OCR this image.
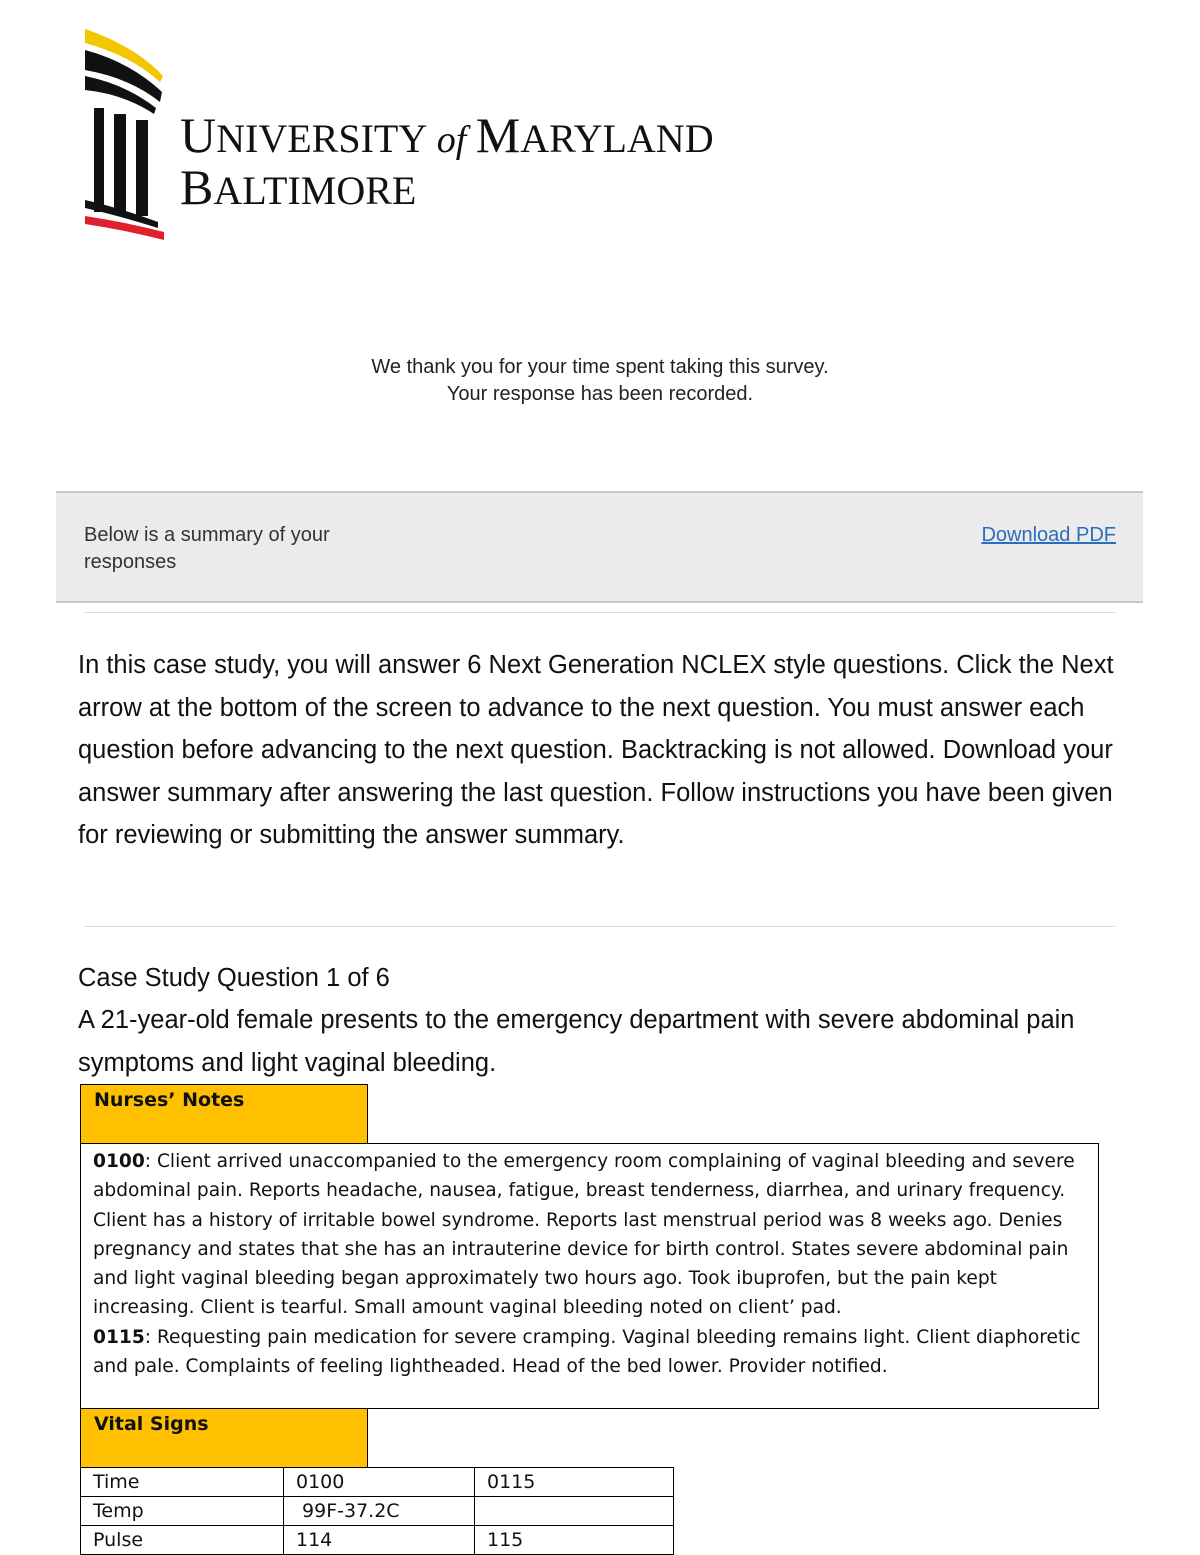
UNIVERSITY of MARYLAND
BALTIMORE
We thank you for your time spent taking this survey.
Your response has been recorded.
Below is a summary of your responses
Download PDF
In this case study, you will answer 6 Next Generation NCLEX style questions. Click the Next arrow at the bottom of the screen to advance to the next question. You must answer each question before advancing to the next question. Backtracking is not allowed. Download your answer summary after answering the last question. Follow instructions you have been given for reviewing or submitting the answer summary.
Case Study Question 1 of 6
A 21-year-old female presents to the emergency department with severe abdominal pain symptoms and light vaginal bleeding.
Nurses’ Notes

0100: Client arrived unaccompanied to the emergency room complaining of vaginal bleeding and severe abdominal pain. Reports headache, nausea, fatigue, breast tenderness, diarrhea, and urinary frequency. Client has a history of irritable bowel syndrome. Reports last menstrual period was 8 weeks ago. Denies pregnancy and states that she has an intrauterine device for birth control. States severe abdominal pain and light vaginal bleeding began approximately two hours ago. Took ibuprofen, but the pain kept increasing. Client is tearful. Small amount vaginal bleeding noted on client’ pad.

0115: Requesting pain medication for severe cramping. Vaginal bleeding remains light. Client diaphoretic and pale. Complaints of feeling lightheaded. Head of the bed lower. Provider notified.

Vital Signs
Time	0100	0115
Temp	99F-37.2C	
Pulse	114	115
